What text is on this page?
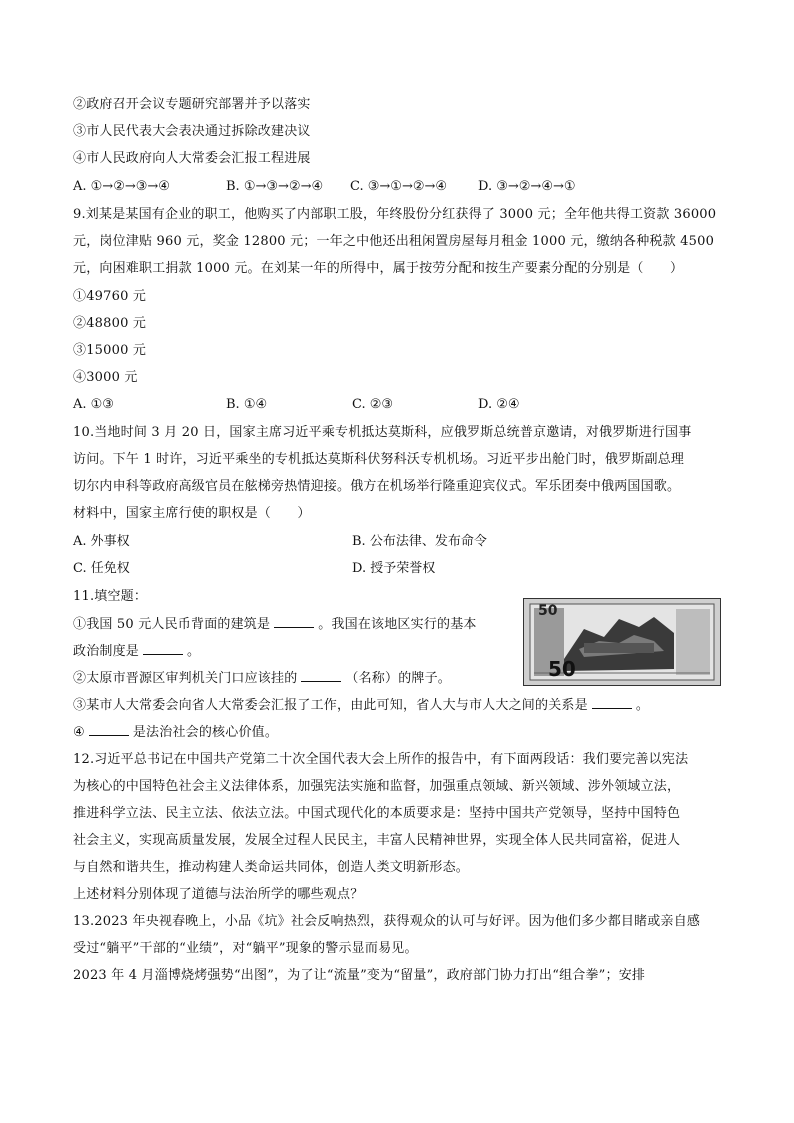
②政府召开会议专题研究部署并予以落实
③市人民代表大会表决通过拆除改建决议
④市人民政府向人大常委会汇报工程进展
A. ①→②→③→④	B. ①→③→②→④ C. ③→①→②→④ D. ③→②→④→①
9.刘某是某国有企业的职工，他购买了内部职工股，年终股份分红获得了 3000 元；全年他共得工资款 36000
元，岗位津贴 960 元，奖金 12800 元；一年之中他还出租闲置房屋每月租金 1000 元，缴纳各种税款 4500
元，向困难职工捐款 1000 元。在刘某一年的所得中，属于按劳分配和按生产要素分配的分别是（　　）
①49760 元
②48800 元
③15000 元
④3000 元
A. ①③	B. ①④	C. ②③	D. ②④
10.当地时间 3 月 20 日，国家主席习近平乘专机抵达莫斯科，应俄罗斯总统普京邀请，对俄罗斯进行国事
访问。下午 1 时许，习近平乘坐的专机抵达莫斯科伏努科沃专机机场。习近平步出舱门时，俄罗斯副总理
切尔内申科等政府高级官员在舷梯旁热情迎接。俄方在机场举行隆重迎宾仪式。军乐团奏中俄两国国歌。
材料中，国家主席行使的职权是（　　）
A. 外事权	B. 公布法律、发布命令
C. 任免权	D. 授予荣誉权
11.填空题：
①我国 50 元人民币背面的建筑是	。我国在该地区实行的基本
政治制度是	。
②太原市晋源区审判机关门口应该挂的	（名称）的牌子。
③某市人大常委会向省人大常委会汇报了工作，由此可知，省人大与市人大之间的关系是	。
④	是法治社会的核心价值。
50
50
12.习近平总书记在中国共产党第二十次全国代表大会上所作的报告中，有下面两段话：我们要完善以宪法
为核心的中国特色社会主义法律体系，加强宪法实施和监督，加强重点领域、新兴领域、涉外领域立法，
推进科学立法、民主立法、依法立法。中国式现代化的本质要求是：坚持中国共产党领导，坚持中国特色
社会主义，实现高质量发展，发展全过程人民民主，丰富人民精神世界，实现全体人民共同富裕，促进人
与自然和谐共生，推动构建人类命运共同体，创造人类文明新形态。
上述材料分别体现了道德与法治所学的哪些观点？
13.2023 年央视春晚上，小品《坑》社会反响热烈，获得观众的认可与好评。因为他们多少都目睹或亲自感
受过“躺平”干部的“业绩”，对“躺平”现象的警示显而易见。
2023 年 4 月淄博烧烤强势“出图”，为了让“流量”变为“留量”，政府部门协力打出“组合拳”；安排
